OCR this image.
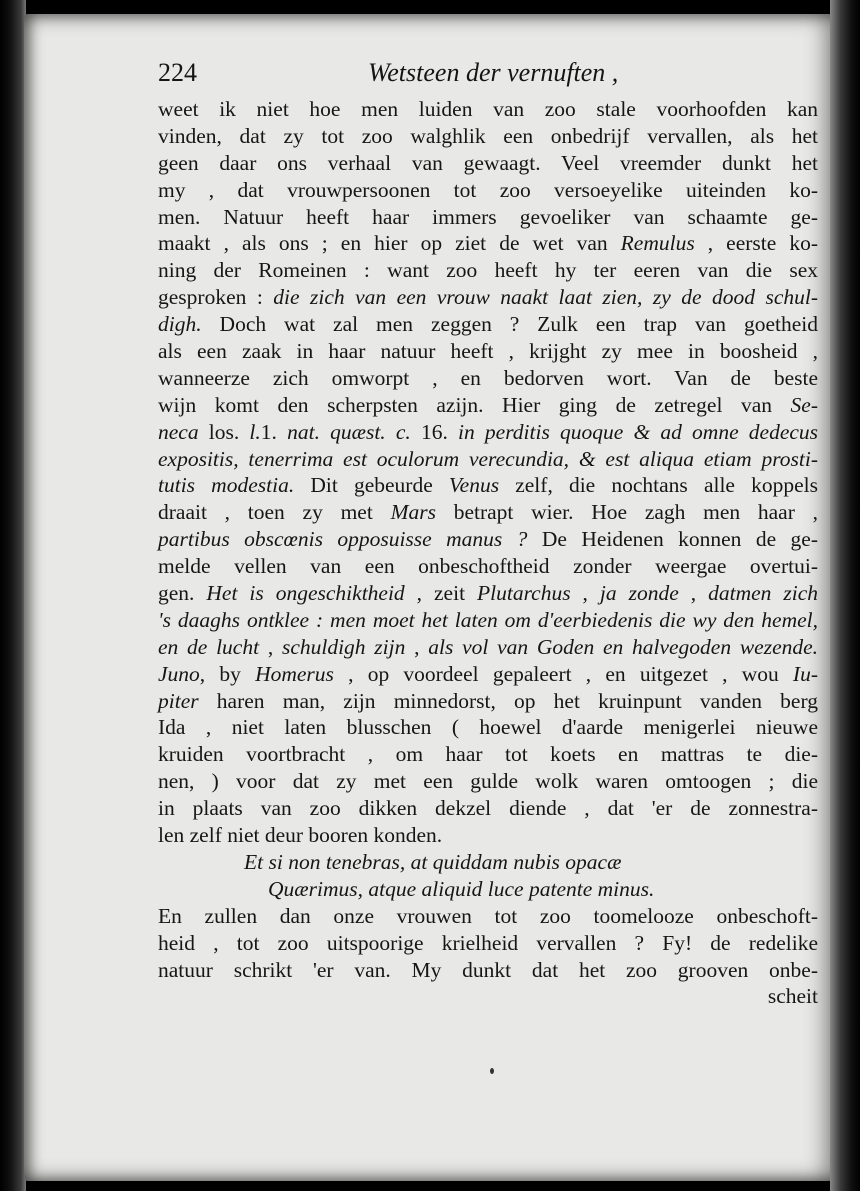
224	Wetsteen der vernuften ,
weet ik niet hoe men luiden van zoo stale voorhoofden kan
vinden, dat zy tot zoo walghlik een onbedrijf vervallen, als het
geen daar ons verhaal van gewaagt. Veel vreemder dunkt het
my , dat vrouwpersoonen tot zoo versoeyelike uiteinden ko-
men. Natuur heeft haar immers gevoeliker van schaamte ge-
maakt , als ons ; en hier op ziet de wet van Remulus , eerste ko-
ning der Romeinen : want zoo heeft hy ter eeren van die sex
gesproken : die zich van een vrouw naakt laat zien, zy de dood schul-
digh. Doch wat zal men zeggen ? Zulk een trap van goetheid
als een zaak in haar natuur heeft , krijght zy mee in boosheid ,
wanneerze zich omworpt , en bedorven wort. Van de beste
wijn komt den scherpsten azijn. Hier ging de zetregel van Se-
neca los. l.1. nat. quæst. c. 16. in perditis quoque & ad omne dedecus
expositis, tenerrima est oculorum verecundia, & est aliqua etiam prosti-
tutis modestia. Dit gebeurde Venus zelf, die nochtans alle koppels
draait , toen zy met Mars betrapt wier. Hoe zagh men haar ,
partibus obscœnis opposuisse manus ? De Heidenen konnen de ge-
melde vellen van een onbeschoftheid zonder weergae overtui-
gen. Het is ongeschiktheid , zeit Plutarchus , ja zonde , datmen zich
's daaghs ontklee : men moet het laten om d'eerbiedenis die wy den hemel,
en de lucht , schuldigh zijn , als vol van Goden en halvegoden wezende.
Juno, by Homerus , op voordeel gepaleert , en uitgezet , wou Iu-
piter haren man, zijn minnedorst, op het kruinpunt vanden berg
Ida , niet laten blusschen ( hoewel d'aarde menigerlei nieuwe
kruiden voortbracht , om haar tot koets en mattras te die-
nen, ) voor dat zy met een gulde wolk waren omtoogen ; die
in plaats van zoo dikken dekzel diende , dat 'er de zonnestra-
len zelf niet deur booren konden.
Et si non tenebras, at quiddam nubis opacæ
Quærimus, atque aliquid luce patente minus.
En zullen dan onze vrouwen tot zoo toomelooze onbeschoft-
heid , tot zoo uitspoorige krielheid vervallen ? Fy! de redelike
natuur schrikt 'er van. My dunkt dat het zoo grooven onbe-
scheit
